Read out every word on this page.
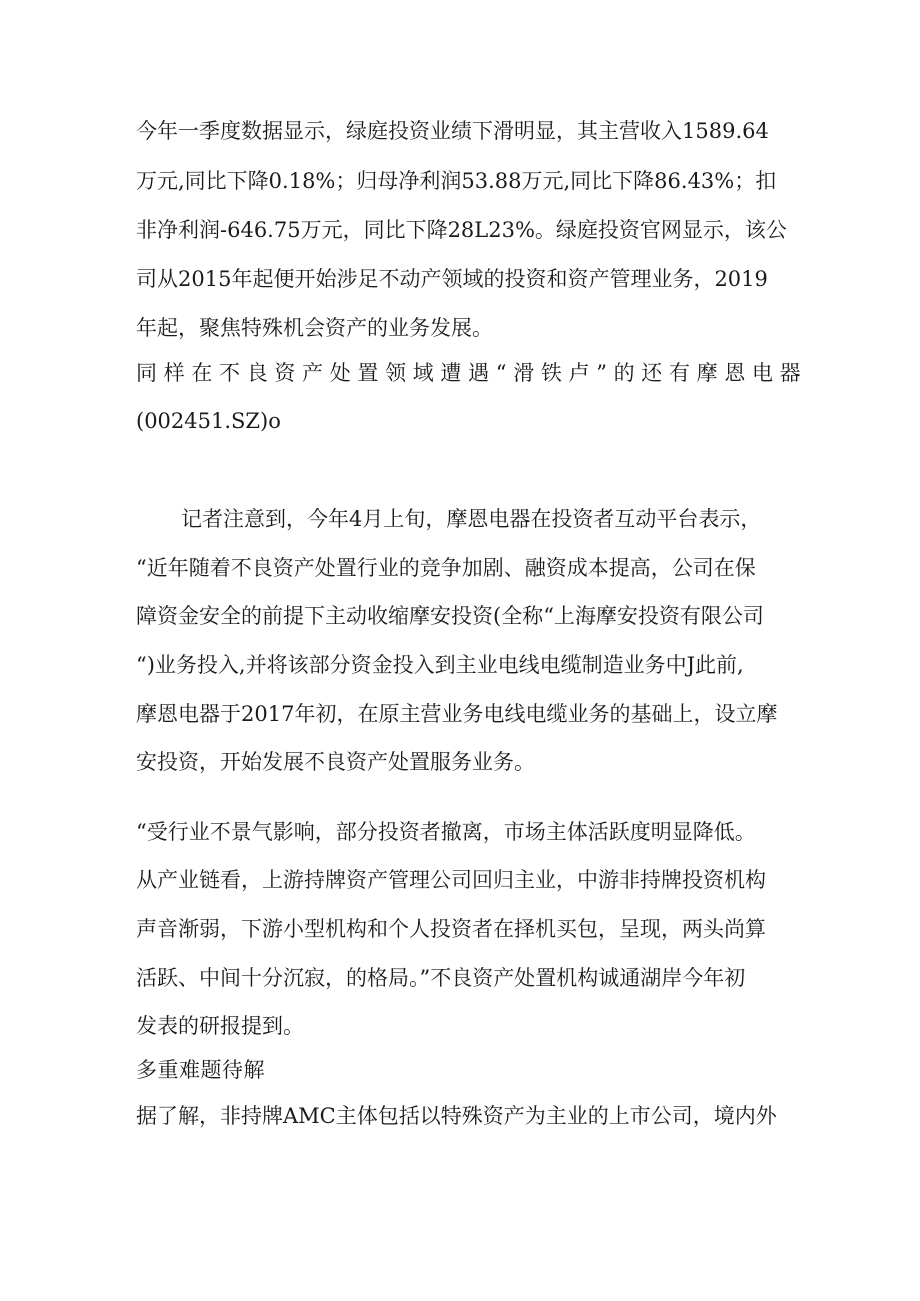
今年一季度数据显示，绿庭投资业绩下滑明显，其主营收入1589.64
万元,同比下降0.18%；归母净利润53.88万元,同比下降86.43%；扣
非净利润-646.75万元，同比下降28L23%。绿庭投资官网显示，该公
司从2015年起便开始涉足不动产领域的投资和资产管理业务，2019
年起，聚焦特殊机会资产的业务发展。
同 样 在 不 良 资 产 处 置 领 域 遭 遇 “ 滑 铁 卢 ” 的 还 有 摩 恩 电 器
(002451.SZ)o
记者注意到，今年4月上旬，摩恩电器在投资者互动平台表示，
“近年随着不良资产处置行业的竞争加剧、融资成本提高，公司在保
障资金安全的前提下主动收缩摩安投资(全称“上海摩安投资有限公司
“)业务投入,并将该部分资金投入到主业电线电缆制造业务中J此前,
摩恩电器于2017年初，在原主营业务电线电缆业务的基础上，设立摩
安投资，开始发展不良资产处置服务业务。
“受行业不景气影响，部分投资者撤离，市场主体活跃度明显降低。
从产业链看，上游持牌资产管理公司回归主业，中游非持牌投资机构
声音渐弱，下游小型机构和个人投资者在择机买包，呈现，两头尚算
活跃、中间十分沉寂，的格局。”不良资产处置机构诚通湖岸今年初
发表的研报提到。
多重难题待解
据了解，非持牌AMC主体包括以特殊资产为主业的上市公司，境内外
